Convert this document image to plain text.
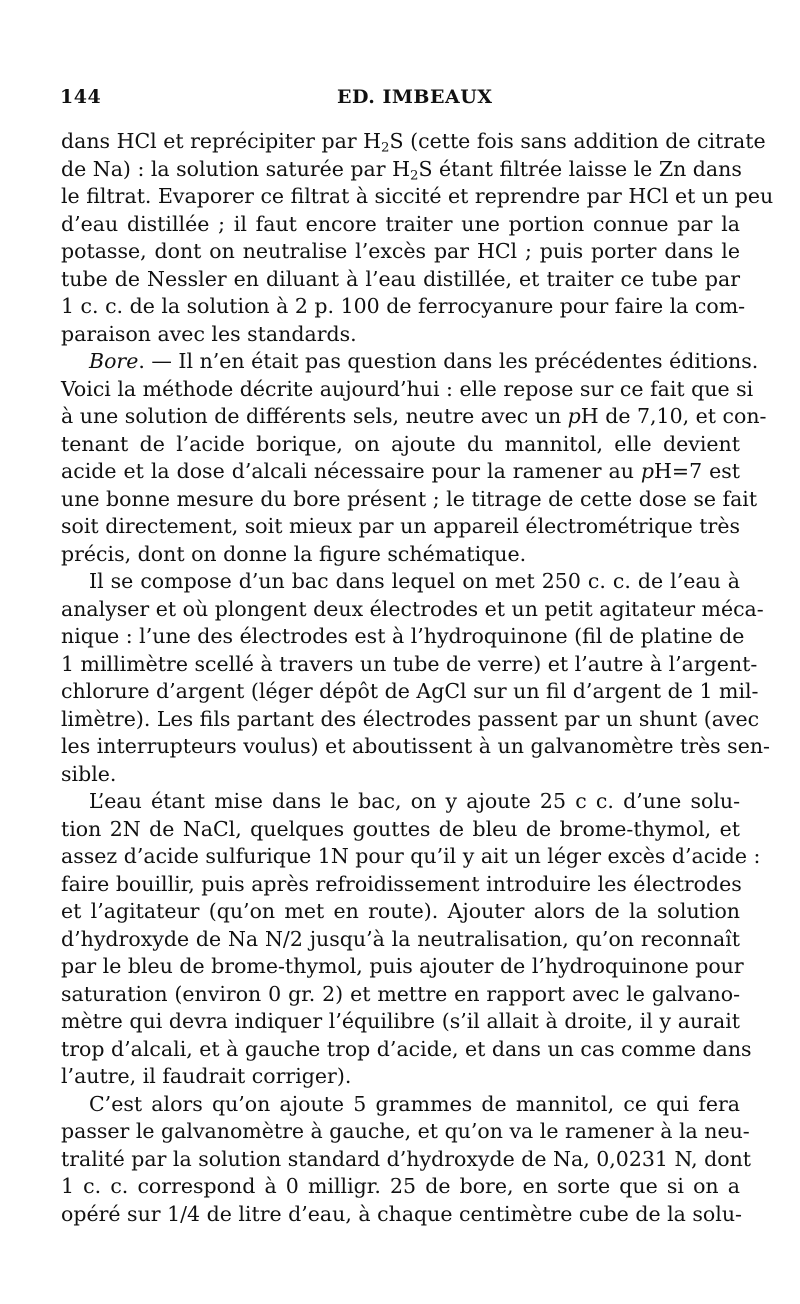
144	ED. IMBEAUX
dans HCl et reprécipiter par $H_2S$ (cette fois sans addition de citrate
de Na) : la solution saturée par $H_2S$ étant filtrée laisse le Zn dans
le filtrat. Evaporer ce filtrat à siccité et reprendre par HCl et un peu
d’eau distillée ; il faut encore traiter une portion connue par la
potasse, dont on neutralise l’excès par HCl ; puis porter dans le
tube de Nessler en diluant à l’eau distillée, et traiter ce tube par
1 c. c. de la solution à 2 p. 100 de ferrocyanure pour faire la com-
paraison avec les standards.
Bore. — Il n’en était pas question dans les précédentes éditions.
Voici la méthode décrite aujourd’hui : elle repose sur ce fait que si
à une solution de différents sels, neutre avec un pH de 7,10, et con-
tenant de l’acide borique, on ajoute du mannitol, elle devient
acide et la dose d’alcali nécessaire pour la ramener au pH=7 est
une bonne mesure du bore présent ; le titrage de cette dose se fait
soit directement, soit mieux par un appareil électrométrique très
précis, dont on donne la figure schématique.
Il se compose d’un bac dans lequel on met 250 c. c. de l’eau à
analyser et où plongent deux électrodes et un petit agitateur méca-
nique : l’une des électrodes est à l’hydroquinone (fil de platine de
1 millimètre scellé à travers un tube de verre) et l’autre à l’argent-
chlorure d’argent (léger dépôt de AgCl sur un fil d’argent de 1 mil-
limètre). Les fils partant des électrodes passent par un shunt (avec
les interrupteurs voulus) et aboutissent à un galvanomètre très sen-
sible.
L’eau étant mise dans le bac, on y ajoute 25 c c. d’une solu-
tion 2N de NaCl, quelques gouttes de bleu de brome-thymol, et
assez d’acide sulfurique 1N pour qu’il y ait un léger excès d’acide :
faire bouillir, puis après refroidissement introduire les électrodes
et l’agitateur (qu’on met en route). Ajouter alors de la solution
d’hydroxyde de Na N/2 jusqu’à la neutralisation, qu’on reconnaît
par le bleu de brome-thymol, puis ajouter de l’hydroquinone pour
saturation (environ 0 gr. 2) et mettre en rapport avec le galvano-
mètre qui devra indiquer l’équilibre (s’il allait à droite, il y aurait
trop d’alcali, et à gauche trop d’acide, et dans un cas comme dans
l’autre, il faudrait corriger).
C’est alors qu’on ajoute 5 grammes de mannitol, ce qui fera
passer le galvanomètre à gauche, et qu’on va le ramener à la neu-
tralité par la solution standard d’hydroxyde de Na, 0,0231 N, dont
1 c. c. correspond à 0 milligr. 25 de bore, en sorte que si on a
opéré sur 1/4 de litre d’eau, à chaque centimètre cube de la solu-
